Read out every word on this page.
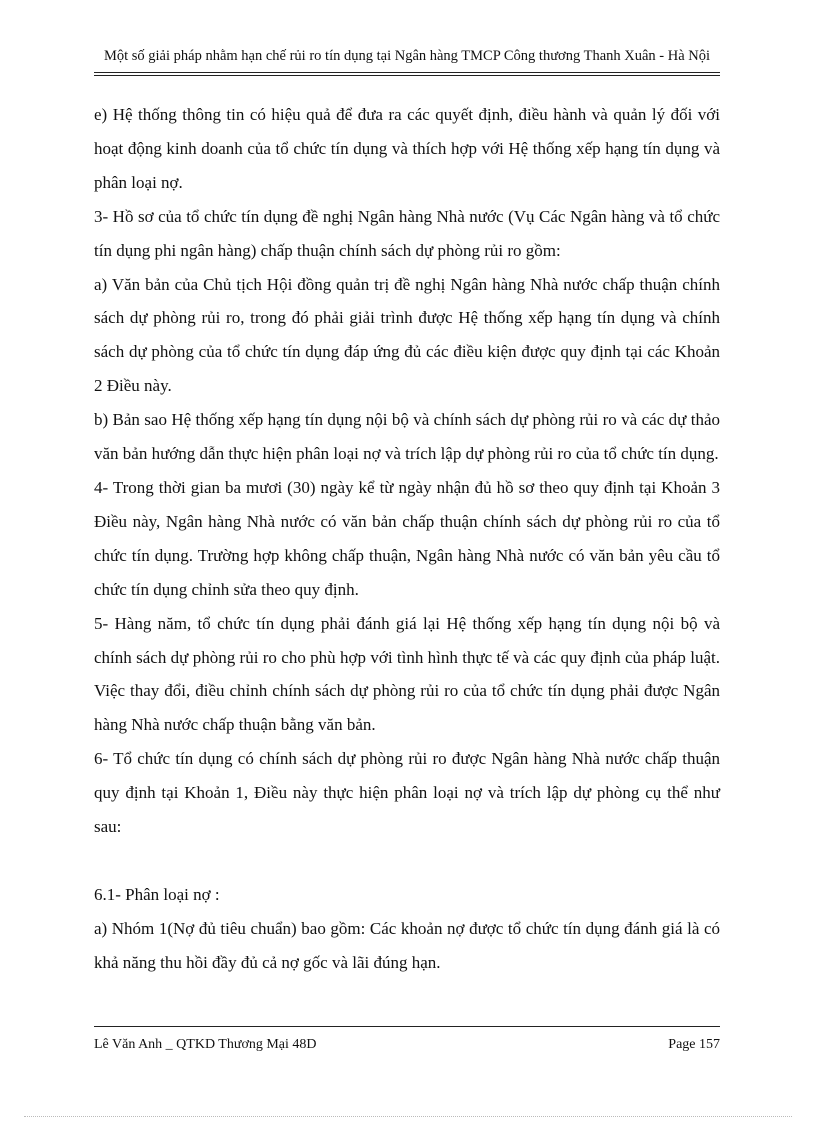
Một số giải pháp nhằm hạn chế rủi ro tín dụng tại Ngân hàng TMCP Công thương Thanh Xuân - Hà Nội

e) Hệ thống thông tin có hiệu quả để đưa ra các quyết định, điều hành và quản lý đối với hoạt động kinh doanh của tổ chức tín dụng và thích hợp với Hệ thống xếp hạng tín dụng và phân loại nợ.

3- Hồ sơ của tổ chức tín dụng đề nghị Ngân hàng Nhà nước (Vụ Các Ngân hàng và tổ chức tín dụng phi ngân hàng) chấp thuận chính sách dự phòng rủi ro gồm:

a) Văn bản của Chủ tịch Hội đồng quản trị đề nghị Ngân hàng Nhà nước chấp thuận chính sách dự phòng rủi ro, trong đó phải giải trình được Hệ thống xếp hạng tín dụng và chính sách dự phòng của tổ chức tín dụng đáp ứng đủ các điều kiện được quy định tại các Khoản 2 Điều này.

b) Bản sao Hệ thống xếp hạng tín dụng nội bộ và chính sách dự phòng rủi ro và các dự thảo văn bản hướng dẫn thực hiện phân loại nợ và trích lập dự phòng rủi ro của tổ chức tín dụng.

4- Trong thời gian ba mươi (30) ngày kể từ ngày nhận đủ hồ sơ theo quy định tại Khoản 3 Điều này, Ngân hàng Nhà nước có văn bản chấp thuận chính sách dự phòng rủi ro của tổ chức tín dụng. Trường hợp không chấp thuận, Ngân hàng Nhà nước có văn bản yêu cầu tổ chức tín dụng chỉnh sửa theo quy định.

5- Hàng năm, tổ chức tín dụng phải đánh giá lại Hệ thống xếp hạng tín dụng nội bộ và chính sách dự phòng rủi ro cho phù hợp với tình hình thực tế và các quy định của pháp luật. Việc thay đổi, điều chỉnh chính sách dự phòng rủi ro của tổ chức tín dụng phải được Ngân hàng Nhà nước chấp thuận bằng văn bản.

6- Tổ chức tín dụng có chính sách dự phòng rủi ro được Ngân hàng Nhà nước chấp thuận quy định tại Khoản 1, Điều này thực hiện phân loại nợ và trích lập dự phòng cụ thể như sau:

6.1- Phân loại nợ :

a) Nhóm 1(Nợ đủ tiêu chuẩn) bao gồm: Các khoản nợ được tổ chức tín dụng đánh giá là có khả năng thu hồi đầy đủ cả nợ gốc và lãi đúng hạn.

Lê Văn Anh _ QTKD Thương Mại 48D	Page 157
